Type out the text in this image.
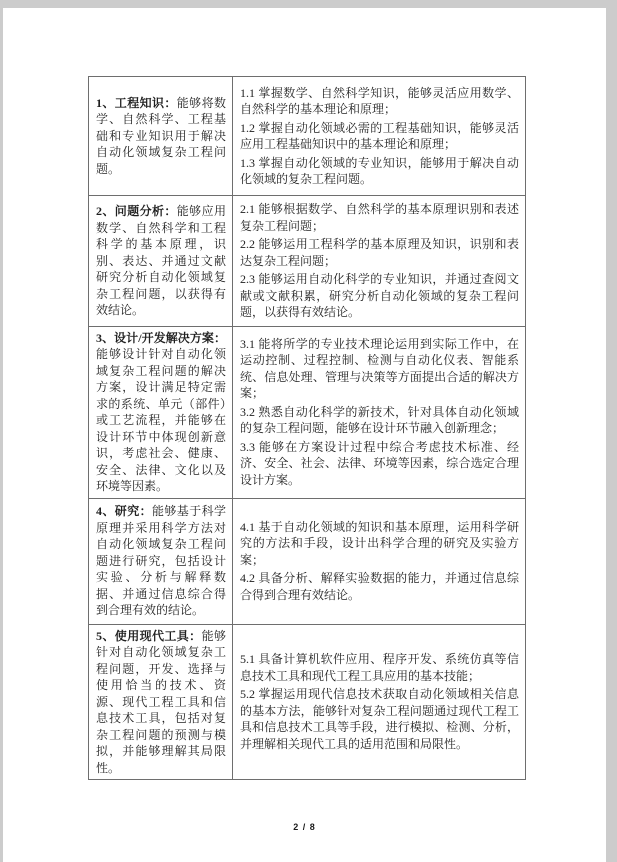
1、工程知识：能够将数学、自然科学、工程基础和专业知识用于解决自动化领域复杂工程问题。	1.1 掌握数学、自然科学知识，能够灵活应用数学、自然科学的基本理论和原理；

1.2 掌握自动化领域必需的工程基础知识，能够灵活应用工程基础知识中的基本理论和原理；

1.3 掌握自动化领域的专业知识，能够用于解决自动化领域的复杂工程问题。

2、问题分析：能够应用数学、自然科学和工程科学的基本原理，识别、表达、并通过文献研究分析自动化领域复杂工程问题，以获得有效结论。	2.1 能够根据数学、自然科学的基本原理识别和表述复杂工程问题；

2.2 能够运用工程科学的基本原理及知识，识别和表达复杂工程问题；

2.3 能够运用自动化科学的专业知识，并通过查阅文献或文献积累，研究分析自动化领域的复杂工程问题，以获得有效结论。

3、设计/开发解决方案：能够设计针对自动化领域复杂工程问题的解决方案，设计满足特定需求的系统、单元（部件）或工艺流程，并能够在设计环节中体现创新意识，考虑社会、健康、安全、法律、文化以及环境等因素。	3.1 能将所学的专业技术理论运用到实际工作中，在运动控制、过程控制、检测与自动化仪表、智能系统、信息处理、管理与决策等方面提出合适的解决方案；

3.2 熟悉自动化科学的新技术，针对具体自动化领域的复杂工程问题，能够在设计环节融入创新理念；

3.3 能够在方案设计过程中综合考虑技术标准、经济、安全、社会、法律、环境等因素，综合选定合理设计方案。

4、研究：能够基于科学原理并采用科学方法对自动化领域复杂工程问题进行研究，包括设计实验、分析与解释数据、并通过信息综合得到合理有效的结论。	4.1 基于自动化领域的知识和基本原理，运用科学研究的方法和手段，设计出科学合理的研究及实验方案；

4.2 具备分析、解释实验数据的能力，并通过信息综合得到合理有效结论。

5、使用现代工具：能够针对自动化领域复杂工程问题，开发、选择与使用恰当的技术、资源、现代工程工具和信息技术工具，包括对复杂工程问题的预测与模拟，并能够理解其局限性。	5.1 具备计算机软件应用、程序开发、系统仿真等信息技术工具和现代工程工具应用的基本技能；

5.2 掌握运用现代信息技术获取自动化领域相关信息的基本方法，能够针对复杂工程问题通过现代工程工具和信息技术工具等手段，进行模拟、检测、分析，并理解相关现代工具的适用范围和局限性。

2 / 8
